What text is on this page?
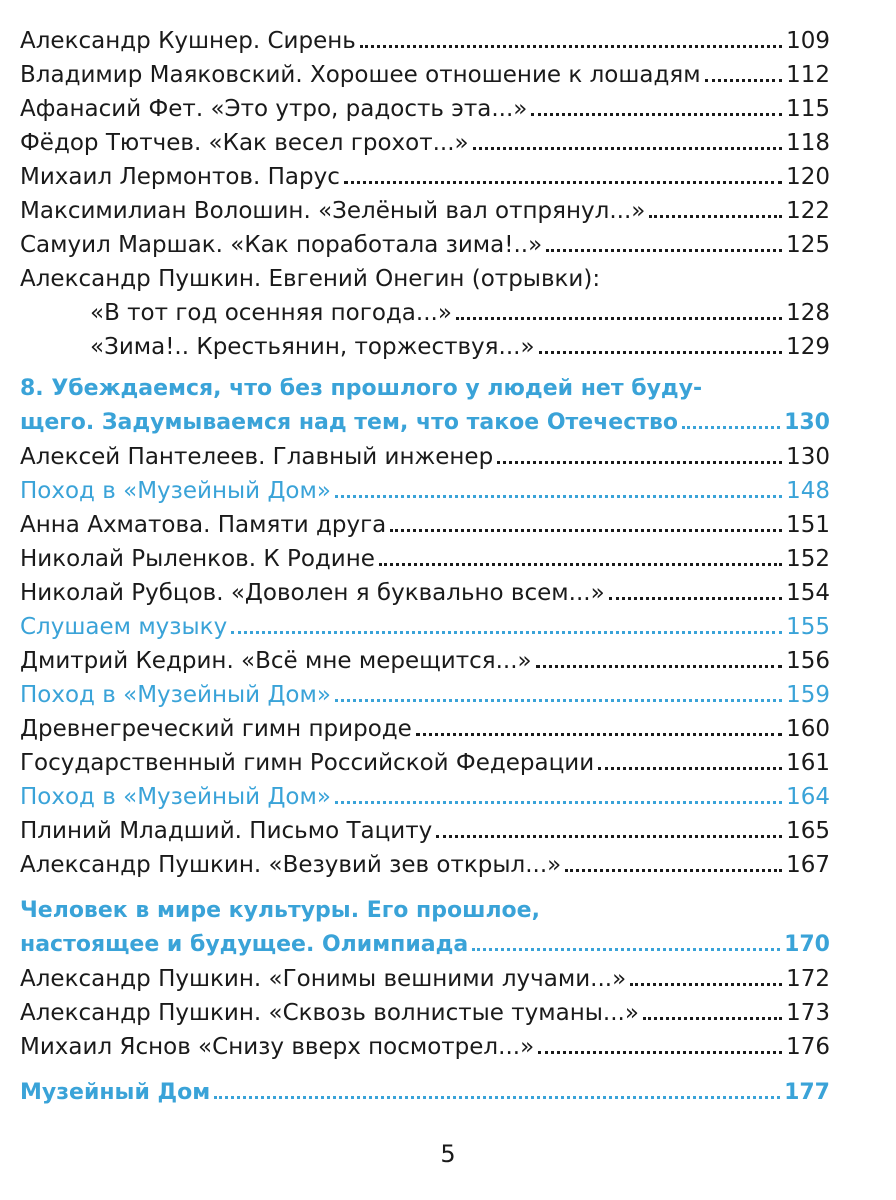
Александр Кушнер. Сирень	109
Владимир Маяковский. Хорошее отношение к лошадям	112
Афанасий Фет. «Это утро, радость эта...»	115
Фёдор Тютчев. «Как весел грохот...»	118
Михаил Лермонтов. Парус	120
Максимилиан Волошин. «Зелёный вал отпрянул...»	122
Самуил Маршак. «Как поработала зима!..»	125
Александр Пушкин. Евгений Онегин (отрывки):
«В тот год осенняя погода...»	128
«Зима!.. Крестьянин, торжествуя...»	129
8. Убеждаемся, что без прошлого у людей нет буду-
щего. Задумываемся над тем, что такое Отечество	130
Алексей Пантелеев. Главный инженер	130
Поход в «Музейный Дом»	148
Анна Ахматова. Памяти друга	151
Николай Рыленков. К Родине	152
Николай Рубцов. «Доволен я буквально всем...»	154
Слушаем музыку	155
Дмитрий Кедрин. «Всё мне мерещится...»	156
Поход в «Музейный Дом»	159
Древнегреческий гимн природе	160
Государственный гимн Российской Федерации	161
Поход в «Музейный Дом»	164
Плиний Младший. Письмо Тациту	165
Александр Пушкин. «Везувий зев открыл...»	167
Человек в мире культуры. Его прошлое,
настоящее и будущее. Олимпиада	170
Александр Пушкин. «Гонимы вешними лучами...»	172
Александр Пушкин. «Сквозь волнистые туманы...»	173
Михаил Яснов «Снизу вверх посмотрел...»	176
Музейный Дом	177
5
